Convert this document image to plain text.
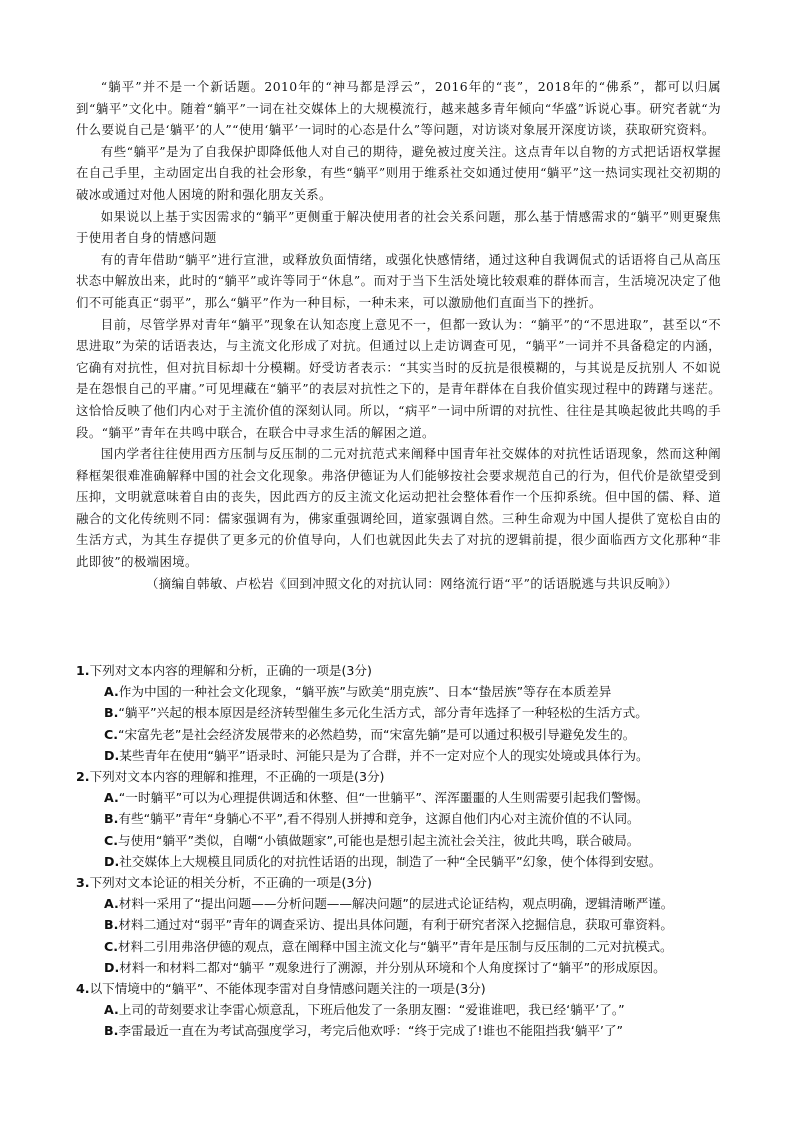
“躺平”并不是一个新话题。2010年的“神马都是浮云”，2016年的“丧”，2018年的“佛系”，都可以归属到“躺平”文化中。随着“躺平”一词在社交媒体上的大规模流行，越来越多青年倾向“华盛”诉说心事。研究者就“为什么要说自己是‘躺平’的人”“使用‘躺平’一词时的心态是什么”等问题，对访谈对象展开深度访谈，获取研究资料。

有些“躺平”是为了自我保护即降低他人对自己的期待，避免被过度关注。这点青年以自物的方式把话语权掌握在自己手里，主动固定出自我的社会形象，有些“躺平”则用于维系社交如通过使用“躺平”这一热词实现社交初期的破冰或通过对他人困境的附和强化朋友关系。

如果说以上基于实因需求的“躺平”更侧重于解决使用者的社会关系问题，那么基于情感需求的“躺平”则更聚焦于使用者自身的情感问题

有的青年借助“躺平”进行宣泄，或释放负面情绪，或强化快感情绪，通过这种自我调侃式的话语将自己从高压状态中解放出来，此时的“躺平”或许等同于“休息”。而对于当下生活处境比较艰难的群体而言，生活境况决定了他们不可能真正“弱平”，那么“躺平”作为一种目标，一种未来，可以激励他们直面当下的挫折。

目前，尽管学界对青年“躺平”现象在认知态度上意见不一，但都一致认为：“躺平”的“不思进取”，甚至以“不思进取”为荣的话语表达，与主流文化形成了对抗。但通过以上走访调查可见，“躺平”一词并不具备稳定的内涵，它确有对抗性，但对抗目标却十分模糊。妤受访者表示：“其实当时的反抗是很模糊的，与其说是反抗别人 不如说是在怨恨自己的平庸。”可见埋藏在“躺平”的表层对抗性之下的，是青年群体在自我价值实现过程中的踌躇与迷茫。这恰恰反映了他们内心对于主流价值的深刻认同。所以，“病平”一词中所谓的对抗性、往往是其唤起彼此共鸣的手段。“躺平”青年在共鸣中联合，在联合中寻求生活的解困之道。

国内学者往往使用西方压制与反压制的二元对抗范式来阐释中国青年社交媒体的对抗性话语现象，然而这种阐释框架很难准确解释中国的社会文化现象。弗洛伊德证为人们能够按社会要求规范自己的行为，但代价是欲望受到压抑，文明就意味着自由的丧失，因此西方的反主流文化运动把社会整体看作一个压抑系统。但中国的儒、释、道融合的文化传统则不同：儒家强调有为，佛家重强调纶回，道家强调自然。三种生命观为中国人提供了宽松自由的生活方式，为其生存提供了更多元的价值导向，人们也就因此失去了对抗的逻辑前提，很少面临西方文化那种“非此即彼”的极端困境。

（摘编自韩敏、卢松岩《回到冲照文化的对抗认同：网络流行语“平”的话语脱逃与共识反响》）

1.下列对文本内容的理解和分析，正确的一项是(3分)

A.作为中国的一种社会文化现象，“躺平族”与欧美“朋克族”、日本“蛰居族”等存在本质差异

B.“躺平”兴起的根本原因是经济转型催生多元化生活方式，部分青年选择了一种轻松的生活方式。

C.“宋富先老”是社会经济发展带来的必然趋势，而“宋富先躺”是可以通过积极引导避免发生的。

D.某些青年在使用“躺平”语录时、河能只是为了合群，并不一定对应个人的现实处境或具体行为。

2.下列对文本内容的理解和推理，不正确的一项是(3分)

A.“一时躺平”可以为心理提供调适和休整、但“一世躺平”、浑浑噩噩的人生则需要引起我们警惕。

B.有些“躺平”青年“身躺心不平”,看不得别人拼搏和竞争，这源自他们内心对主流价值的不认同。

C.与使用“躺平”类似，自嘲“小镇做题家”,可能也是想引起主流社会关注，彼此共鸣，联合破局。

D.社交媒体上大规模且同质化的对抗性话语的出现，制造了一种“全民躺平”幻象，使个体得到安慰。

3.下列对文本论证的相关分析，不正确的一项是(3分)

A.材料一采用了“提出问题——分析问题——解决问题”的层进式论证结构，观点明确，逻辑清晰严谨。

B.材料二通过对“弱平”青年的调查采访、提出具体问题，有利于研究者深入挖掘信息，获取可靠资料。

C.材料二引用弗洛伊德的观点，意在阐释中国主流文化与“躺平”青年是压制与反压制的二元对抗模式。

D.材料一和材料二都对“躺平 ”观象进行了溯源，并分别从环境和个人角度探讨了“躺平”的形成原因。

4.以下情境中的“躺平”、不能体现李雷对自身情感问题关注的一项是(3分)

A.上司的苛刻要求让李雷心烦意乱，下班后他发了一条朋友圈：“爱谁谁吧，我已经‘躺平’了。”

B.李雷最近一直在为考试高强度学习，考完后他欢呼：“终于完成了!谁也不能阻挡我‘躺平’了”
